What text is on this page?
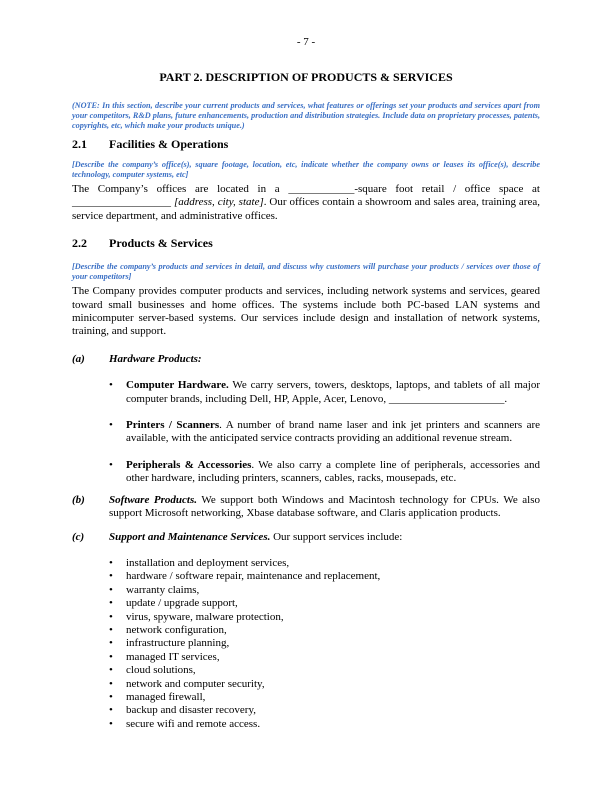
- 7 -

PART 2. DESCRIPTION OF PRODUCTS & SERVICES

(NOTE: In this section, describe your current products and services, what features or offerings set your products and services apart from your competitors, R&D plans, future enhancements, production and distribution strategies. Include data on proprietary processes, patents, copyrights, etc, which make your products unique.)

2.1	Facilities & Operations

[Describe the company’s office(s), square footage, location, etc, indicate whether the company owns or leases its office(s), describe technology, computer systems, etc]

The Company’s offices are located in a ____________-square foot retail / office space at __________________ [address, city, state]. Our offices contain a showroom and sales area, training area, service department, and administrative offices.

2.2	Products & Services

[Describe the company’s products and services in detail, and discuss why customers will purchase your products / services over those of your competitors]

The Company provides computer products and services, including network systems and services, geared toward small businesses and home offices. The systems include both PC-based LAN systems and minicomputer server-based systems. Our services include design and installation of network systems, training, and support.

(a)	Hardware Products:
•	Computer Hardware. We carry servers, towers, desktops, laptops, and tablets of all major computer brands, including Dell, HP, Apple, Acer, Lenovo, _____________________.
•	Printers / Scanners. A number of brand name laser and ink jet printers and scanners are available, with the anticipated service contracts providing an additional revenue stream.
•	Peripherals & Accessories. We also carry a complete line of peripherals, accessories and other hardware, including printers, scanners, cables, racks, mousepads, etc.
(b)	Software Products. We support both Windows and Macintosh technology for CPUs. We also support Microsoft networking, Xbase database software, and Claris application products.
(c)	Support and Maintenance Services. Our support services include:
•	installation and deployment services,
•	hardware / software repair, maintenance and replacement,
•	warranty claims,
•	update / upgrade support,
•	virus, spyware, malware protection,
•	network configuration,
•	infrastructure planning,
•	managed IT services,
•	cloud solutions,
•	network and computer security,
•	managed firewall,
•	backup and disaster recovery,
•	secure wifi and remote access.
